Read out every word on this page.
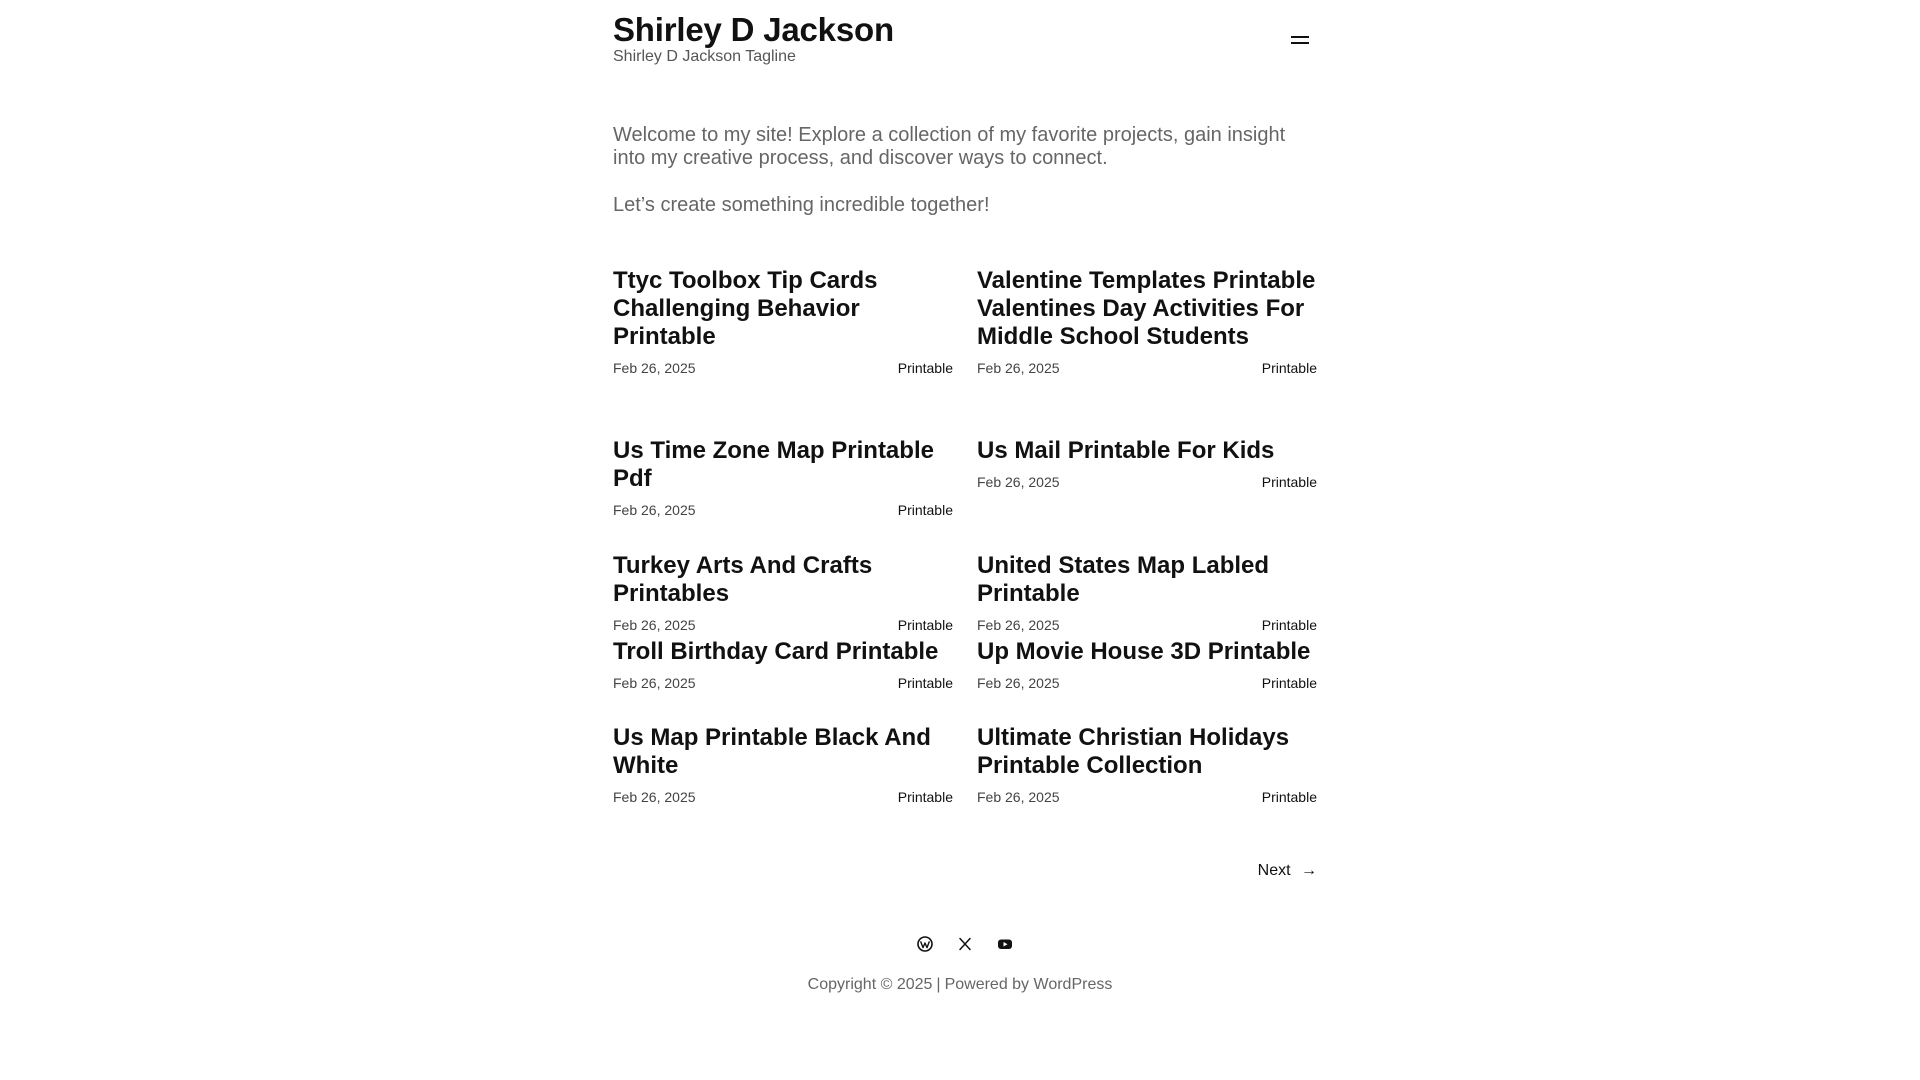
Shirley D Jackson
Shirley D Jackson Tagline

Welcome to my site! Explore a collection of my favorite projects, gain insight into my creative process, and discover ways to connect.

Let’s create something incredible together!

Ttyc Toolbox Tip Cards Challenging Behavior Printable
Feb 26, 2025	Printable
Valentine Templates Printable Valentines Day Activities For Middle School Students
Feb 26, 2025	Printable
Us Time Zone Map Printable Pdf
Feb 26, 2025	Printable
Us Mail Printable For Kids
Feb 26, 2025	Printable
Turkey Arts And Crafts Printables
Feb 26, 2025	Printable
United States Map Labled Printable
Feb 26, 2025	Printable
Troll Birthday Card Printable
Feb 26, 2025	Printable
Up Movie House 3D Printable
Feb 26, 2025	Printable
Us Map Printable Black And White
Feb 26, 2025	Printable
Ultimate Christian Holidays Printable Collection
Feb 26, 2025	Printable
Next →
Copyright © 2025 | Powered by WordPress
